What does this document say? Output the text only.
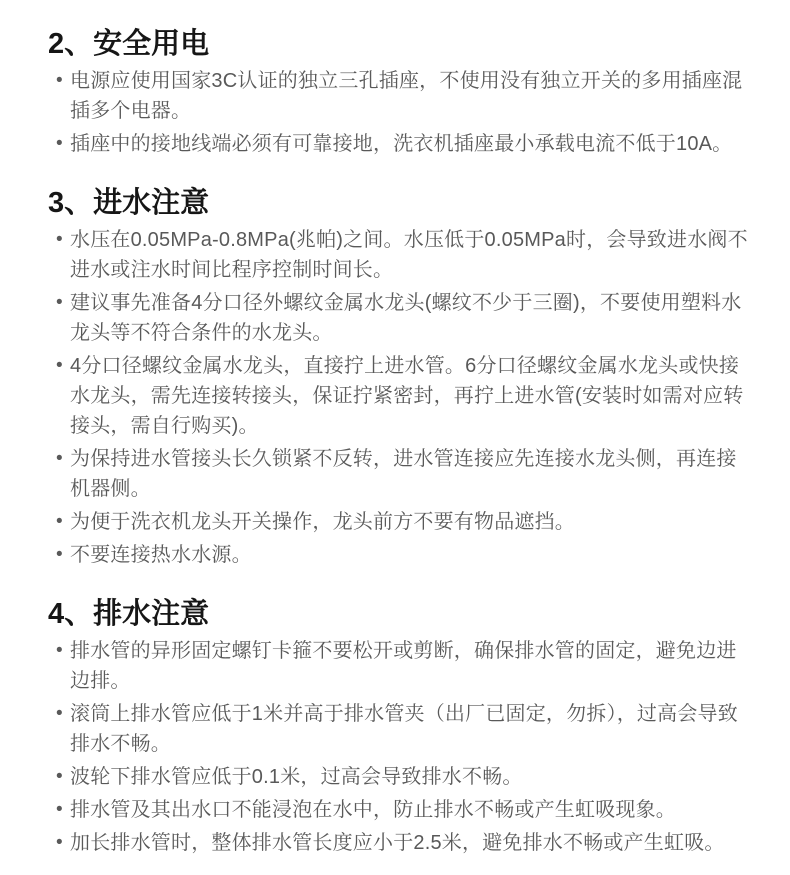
2、安全用电
• 电源应使用国家3C认证的独立三孔插座，不使用没有独立开关的多用插座混插多个电器。
• 插座中的接地线端必须有可靠接地，洗衣机插座最小承载电流不低于10A。
3、进水注意
• 水压在0.05MPa-0.8MPa(兆帕)之间。水压低于0.05MPa时，会导致进水阀不进水或注水时间比程序控制时间长。
• 建议事先准备4分口径外螺纹金属水龙头(螺纹不少于三圈)，不要使用塑料水龙头等不符合条件的水龙头。
• 4分口径螺纹金属水龙头，直接拧上进水管。6分口径螺纹金属水龙头或快接水龙头，需先连接转接头，保证拧紧密封，再拧上进水管(安装时如需对应转接头，需自行购买)。
• 为保持进水管接头长久锁紧不反转，进水管连接应先连接水龙头侧，再连接机器侧。
• 为便于洗衣机龙头开关操作，龙头前方不要有物品遮挡。
• 不要连接热水水源。
4、排水注意
• 排水管的异形固定螺钉卡箍不要松开或剪断，确保排水管的固定，避免边进边排。
• 滚筒上排水管应低于1米并高于排水管夹（出厂已固定，勿拆），过高会导致排水不畅。
• 波轮下排水管应低于0.1米，过高会导致排水不畅。
• 排水管及其出水口不能浸泡在水中，防止排水不畅或产生虹吸现象。
• 加长排水管时，整体排水管长度应小于2.5米，避免排水不畅或产生虹吸。
